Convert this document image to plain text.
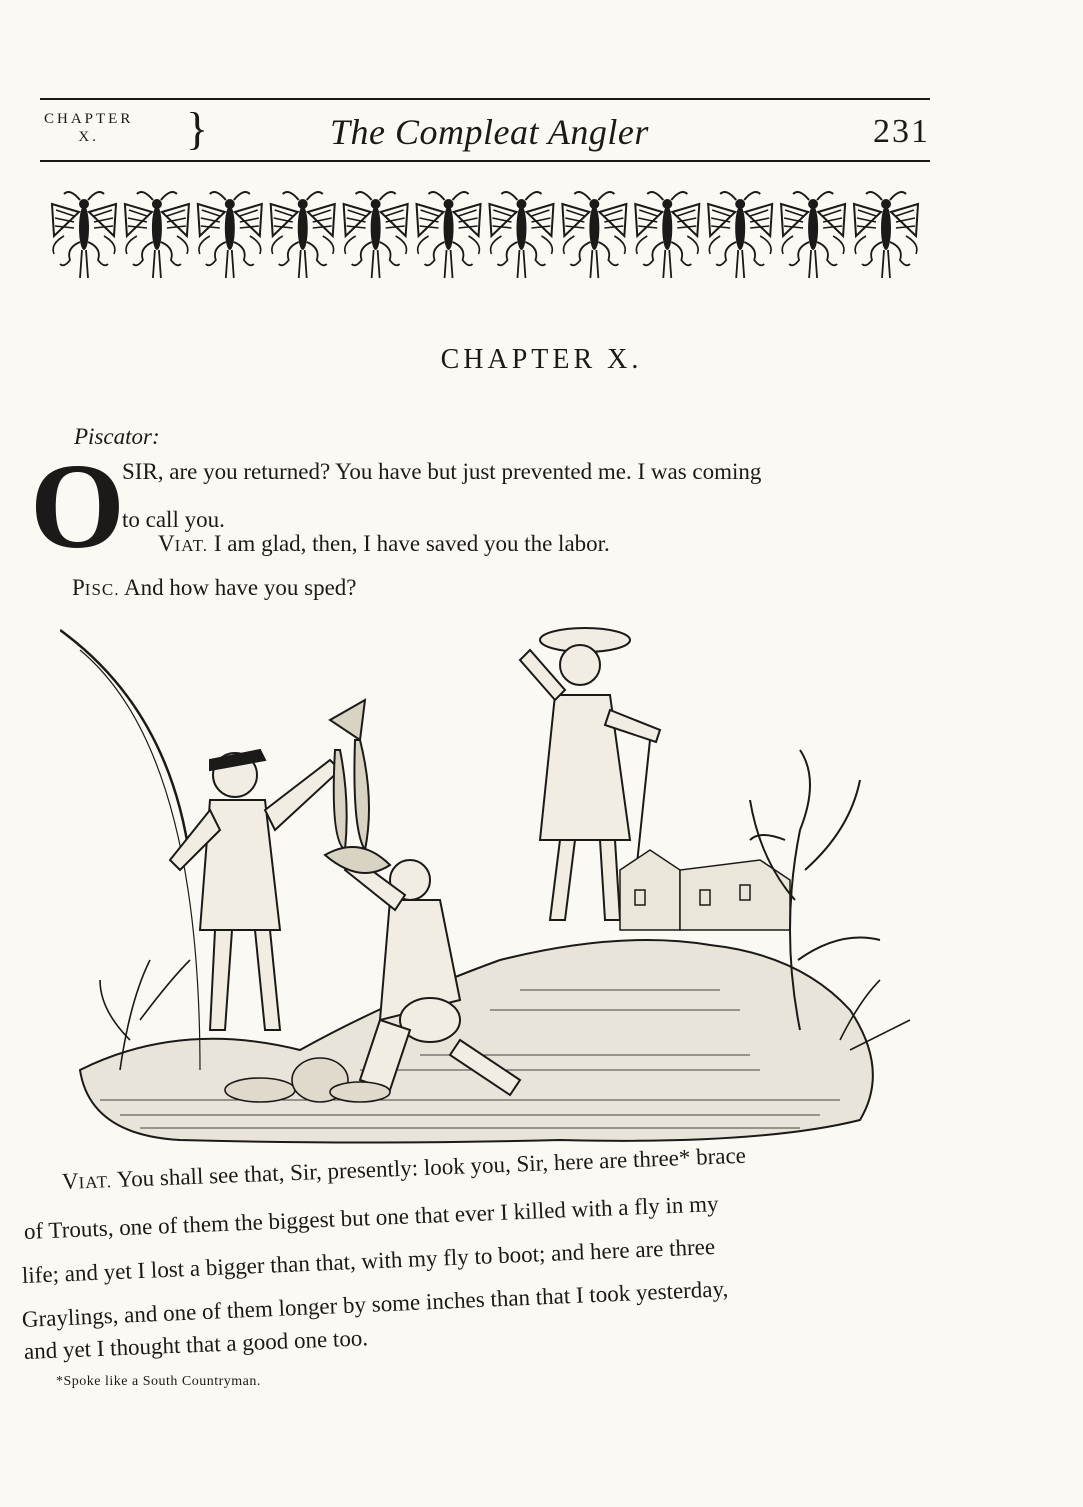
CHAPTER
X.	}	The Compleat Angler	231
CHAPTER X.
Piscator:
O
SIR, are you returned? You have but just prevented me. I was coming
to call you.
VIAT. I am glad, then, I have saved you the labor.
PISC. And how have you sped?
VIAT. You shall see that, Sir, presently: look you, Sir, here are three* brace
of Trouts, one of them the biggest but one that ever I killed with a fly in my
life; and yet I lost a bigger than that, with my fly to boot; and here are three
Graylings, and one of them longer by some inches than that I took yesterday,
and yet I thought that a good one too.
*Spoke like a South Countryman.
